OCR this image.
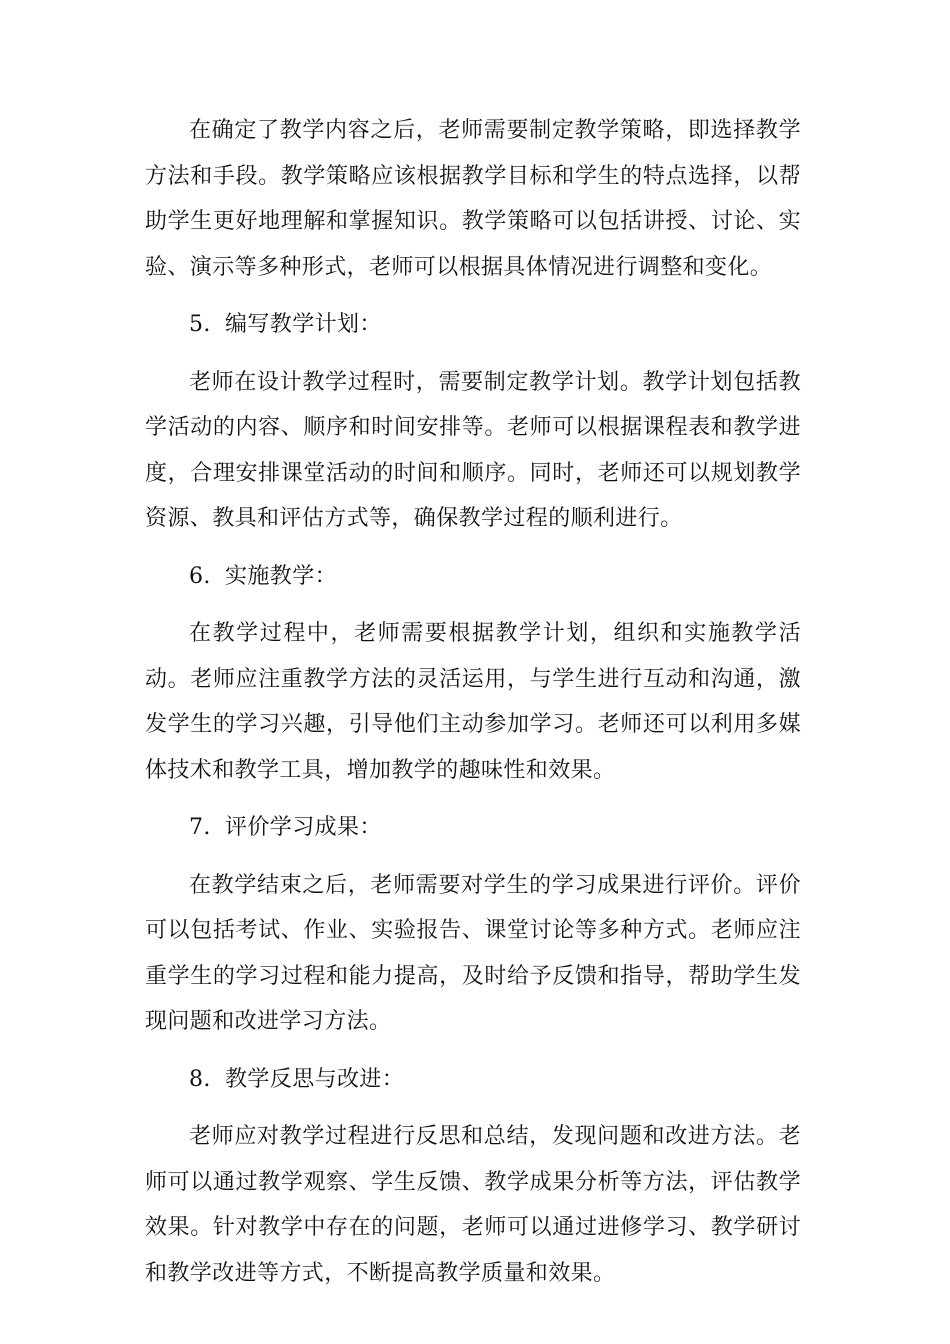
在确定了教学内容之后，老师需要制定教学策略，即选择教学方法和手段。教学策略应该根据教学目标和学生的特点选择，以帮助学生更好地理解和掌握知识。教学策略可以包括讲授、讨论、实验、演示等多种形式，老师可以根据具体情况进行调整和变化。

5. 编写教学计划：

老师在设计教学过程时，需要制定教学计划。教学计划包括教学活动的内容、顺序和时间安排等。老师可以根据课程表和教学进度，合理安排课堂活动的时间和顺序。同时，老师还可以规划教学资源、教具和评估方式等，确保教学过程的顺利进行。

6. 实施教学：

在教学过程中，老师需要根据教学计划，组织和实施教学活动。老师应注重教学方法的灵活运用，与学生进行互动和沟通，激发学生的学习兴趣，引导他们主动参加学习。老师还可以利用多媒体技术和教学工具，增加教学的趣味性和效果。

7. 评价学习成果：

在教学结束之后，老师需要对学生的学习成果进行评价。评价可以包括考试、作业、实验报告、课堂讨论等多种方式。老师应注重学生的学习过程和能力提高，及时给予反馈和指导，帮助学生发现问题和改进学习方法。

8. 教学反思与改进：

老师应对教学过程进行反思和总结，发现问题和改进方法。老师可以通过教学观察、学生反馈、教学成果分析等方法，评估教学效果。针对教学中存在的问题，老师可以通过进修学习、教学研讨和教学改进等方式，不断提高教学质量和效果。
